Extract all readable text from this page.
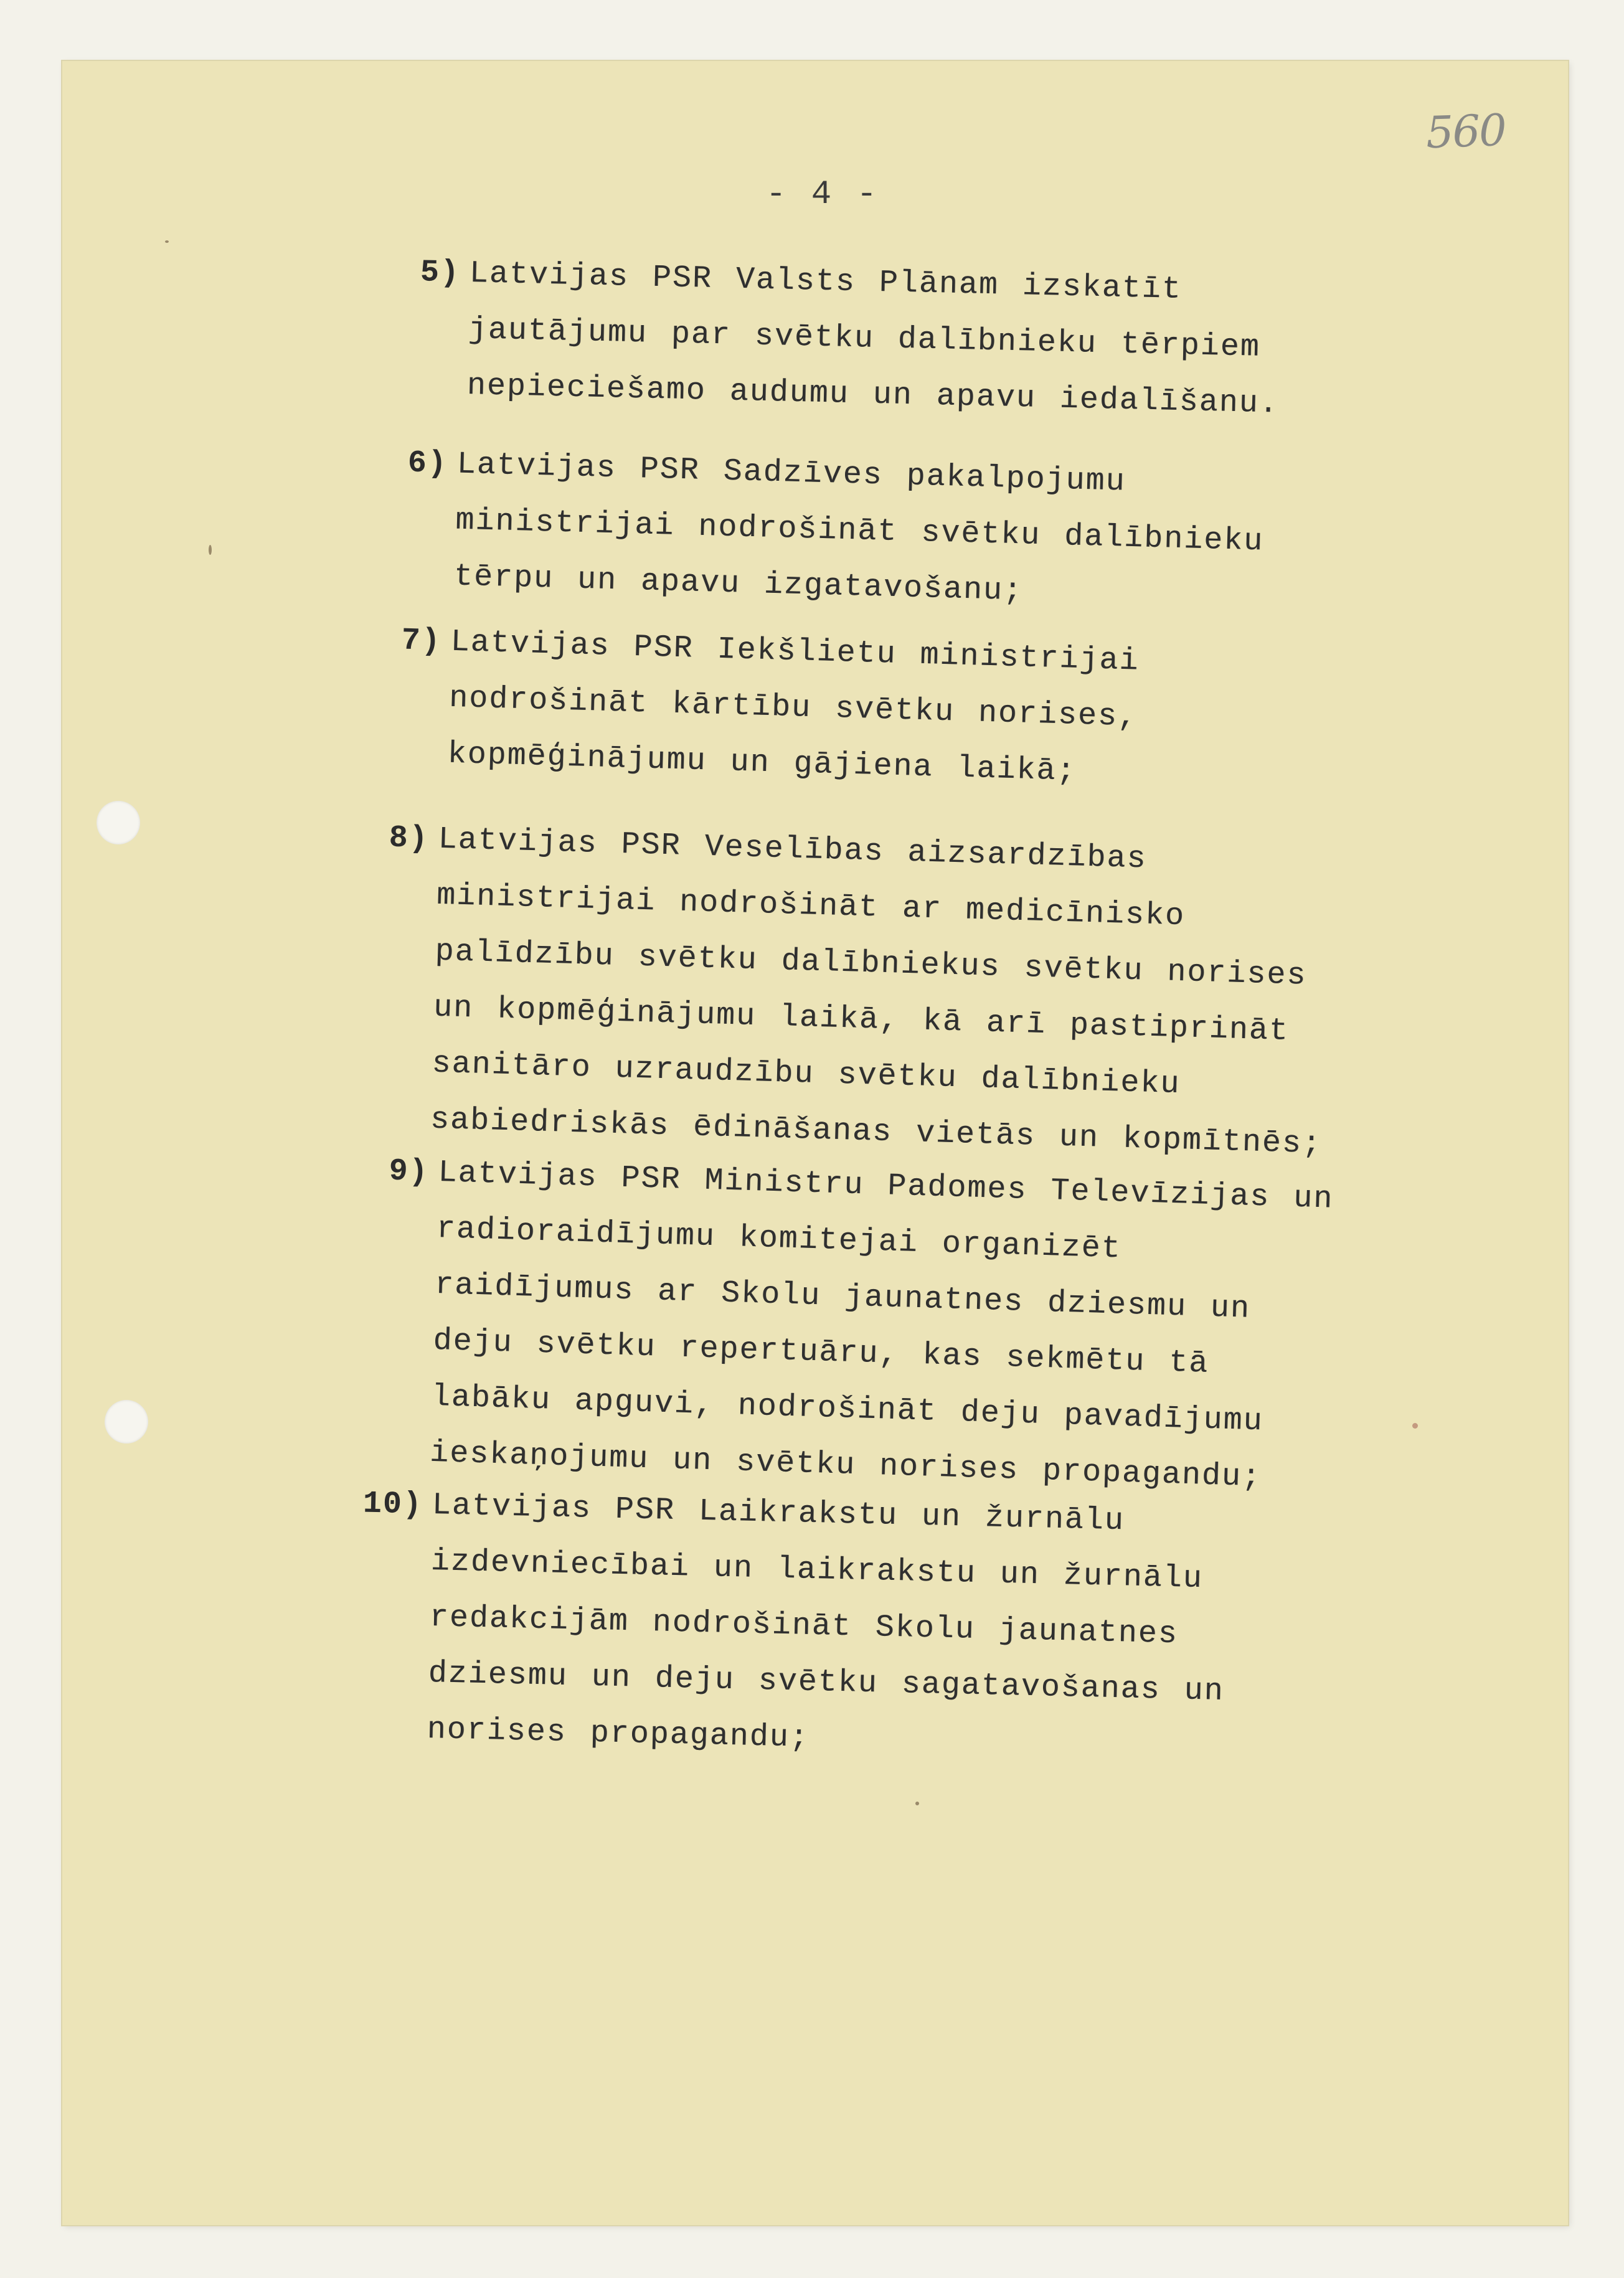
560
- 4 -
5) Latvijas PSR Valsts Plānam izskatīt jautājumu par svētku dalībnieku tērpiem nepieciešamo audumu un apavu iedalīšanu.
6) Latvijas PSR Sadzīves pakalpojumu ministrijai nodrošināt svētku dalībnieku tērpu un apavu izgatavošanu;
7) Latvijas PSR Iekšlietu ministrijai nodrošināt kārtību svētku norises, kopmēģinājumu un gājiena laikā;
8) Latvijas PSR Veselības aizsardzības ministrijai nodrošināt ar medicīnisko palīdzību svētku dalībniekus svētku norises un kopmēģinājumu laikā, kā arī pastiprināt sanitāro uzraudzību svētku dalībnieku sabiedriskās ēdināšanas vietās un kopmītnēs;
9) Latvijas PSR Ministru Padomes Televīzijas un radioraidījumu komitejai organizēt raidījumus ar Skolu jaunatnes dziesmu un deju svētku repertuāru, kas sekmētu tā labāku apguvi, nodrošināt deju pavadījumu ieskaņojumu un svētku norises propagandu;
10) Latvijas PSR Laikrakstu un žurnālu izdevniecībai un laikrakstu un žurnālu redakcijām nodrošināt Skolu jaunatnes dziesmu un deju svētku sagatavošanas un norises propagandu;
